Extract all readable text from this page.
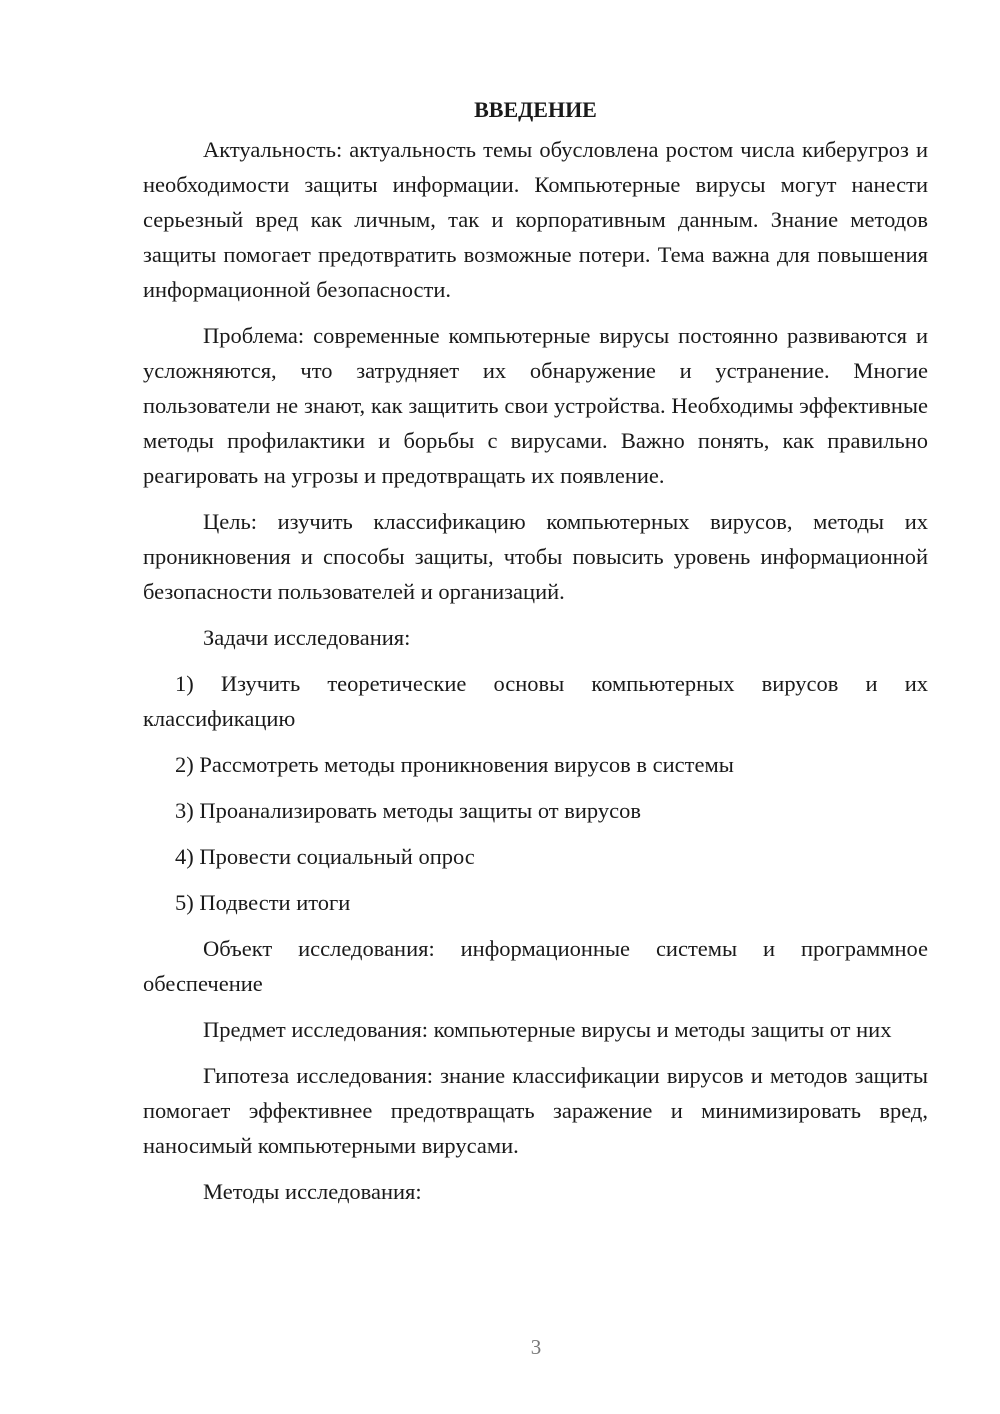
ВВЕДЕНИЕ

Актуальность: актуальность темы обусловлена ростом числа киберугроз и необходимости защиты информации. Компьютерные вирусы могут нанести серьезный вред как личным, так и корпоративным данным. Знание методов защиты помогает предотвратить возможные потери. Тема важна для повышения информационной безопасности.

Проблема: современные компьютерные вирусы постоянно развиваются и усложняются, что затрудняет их обнаружение и устранение. Многие пользователи не знают, как защитить свои устройства. Необходимы эффективные методы профилактики и борьбы с вирусами. Важно понять, как правильно реагировать на угрозы и предотвращать их появление.

Цель: изучить классификацию компьютерных вирусов, методы их проникновения и способы защиты, чтобы повысить уровень информационной безопасности пользователей и организаций.

Задачи исследования:

1) Изучить теоретические основы компьютерных вирусов и их классификацию

2) Рассмотреть методы проникновения вирусов в системы

3) Проанализировать методы защиты от вирусов

4) Провести социальный опрос

5) Подвести итоги

Объект исследования: информационные системы и программное обеспечение

Предмет исследования: компьютерные вирусы и методы защиты от них

Гипотеза исследования: знание классификации вирусов и методов защиты помогает эффективнее предотвращать заражение и минимизировать вред, наносимый компьютерными вирусами.

Методы исследования:

3
